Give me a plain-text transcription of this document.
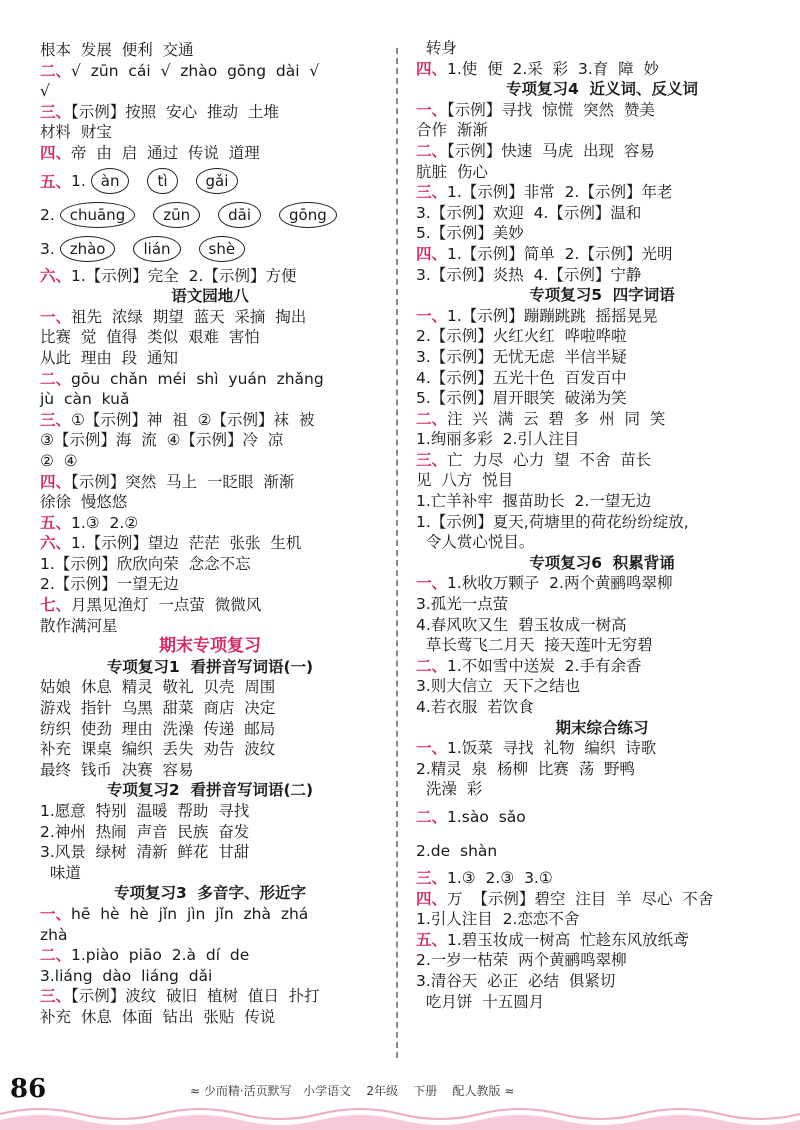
根本  发展  便利  交通
二、√  zūn  cái  √  zhào  gōng  dài  √
√
三、【示例】按照  安心  推动  土堆
材料  财宝
四、帝  由  启  通过  传说  道理
五、 1.
àn	tì	gǎi
2.
chuāng	zūn	dāi	gōng
3.
zhào	lián	shè
六、1.【示例】完全  2.【示例】方便
语文园地八
一、祖先  浓绿  期望  蓝天  采摘  掏出
比赛  觉  值得  类似  艰难  害怕
从此  理由  段  通知
二、gōu  chǎn  méi  shì  yuán  zhǎng
jù  càn  kuǎ
三、①【示例】神  祖  ②【示例】袜  被
③【示例】海  流  ④【示例】冷  凉
②  ④
四、【示例】突然  马上  一眨眼  渐渐
徐徐  慢悠悠
五、1.③  2.②
六、1.【示例】望边  茫茫  张张  生机
1.【示例】欣欣向荣  念念不忘
2.【示例】一望无边
七、月黑见渔灯  一点萤  微微风
散作满河星
期末专项复习
专项复习1  看拼音写词语(一)
姑娘  休息  精灵  敬礼  贝壳  周围
游戏  指针  乌黑  甜菜  商店  决定
纺织  使劲  理由  洗澡  传递  邮局
补充  课桌  编织  丢失  劝告  波纹
最终  钱币  决赛  容易
专项复习2  看拼音写词语(二)
1.愿意  特别  温暖  帮助  寻找
2.神州  热闹  声音  民族  奋发
3.风景  绿树  清新  鲜花  甘甜
味道
专项复习3  多音字、形近字
一、hē  hè  hè  jǐn  jìn  jǐn  zhà  zhá
zhà
二、1.piào  piāo  2.à  dí  de
3.liáng  dào  liáng  dǎi
三、【示例】波纹  破旧  植树  值日  扑打
补充  休息  体面  钻出  张贴  传说
转身
四、1.使  便  2.采  彩  3.育  障  妙
专项复习4  近义词、反义词
一、【示例】寻找  惊慌  突然  赞美
合作  渐渐
二、【示例】快速  马虎  出现  容易
肮脏  伤心
三、1.【示例】非常  2.【示例】年老
3.【示例】欢迎  4.【示例】温和
5.【示例】美妙
四、1.【示例】简单  2.【示例】光明
3.【示例】炎热  4.【示例】宁静
专项复习5  四字词语
一、1.【示例】蹦蹦跳跳  摇摇晃晃
2.【示例】火红火红  哗啦哗啦
3.【示例】无忧无虑  半信半疑
4.【示例】五光十色  百发百中
5.【示例】眉开眼笑  破涕为笑
二、注  兴  满  云  碧  多  州  同  笑
1.绚丽多彩  2.引人注目
三、亡  力尽  心力  望  不舍  苗长
见  八方  悦目
1.亡羊补牢  揠苗助长  2.一望无边
1.【示例】夏天,荷塘里的荷花纷纷绽放,
令人赏心悦目。
专项复习6  积累背诵
一、1.秋收万颗子  2.两个黄鹂鸣翠柳
3.孤光一点萤
4.春风吹又生  碧玉妆成一树高
草长莺飞二月天  接天莲叶无穷碧
二、1.不如雪中送炭  2.手有余香
3.则大信立  天下之结也
4.若衣服  若饮食
期末综合练习
一、1.饭菜  寻找  礼物  编织  诗歌
2.精灵  泉  杨柳  比赛  荡  野鸭
洗澡  彩
二、 1.sào  sǎo
2.de  shàn
三、1.③  2.③  3.①
四、万  【示例】碧空  注目  羊  尽心  不舍
1.引人注目  2.恋恋不舍
五、1.碧玉妆成一树高  忙趁东风放纸鸢
2.一岁一枯荣  两个黄鹂鸣翠柳
3.清谷天  必正  必结  俱紧切
吃月饼  十五圆月
86	≈ 少而精·活页默写   小学语文    2年级    下册    配人教版 ≈
